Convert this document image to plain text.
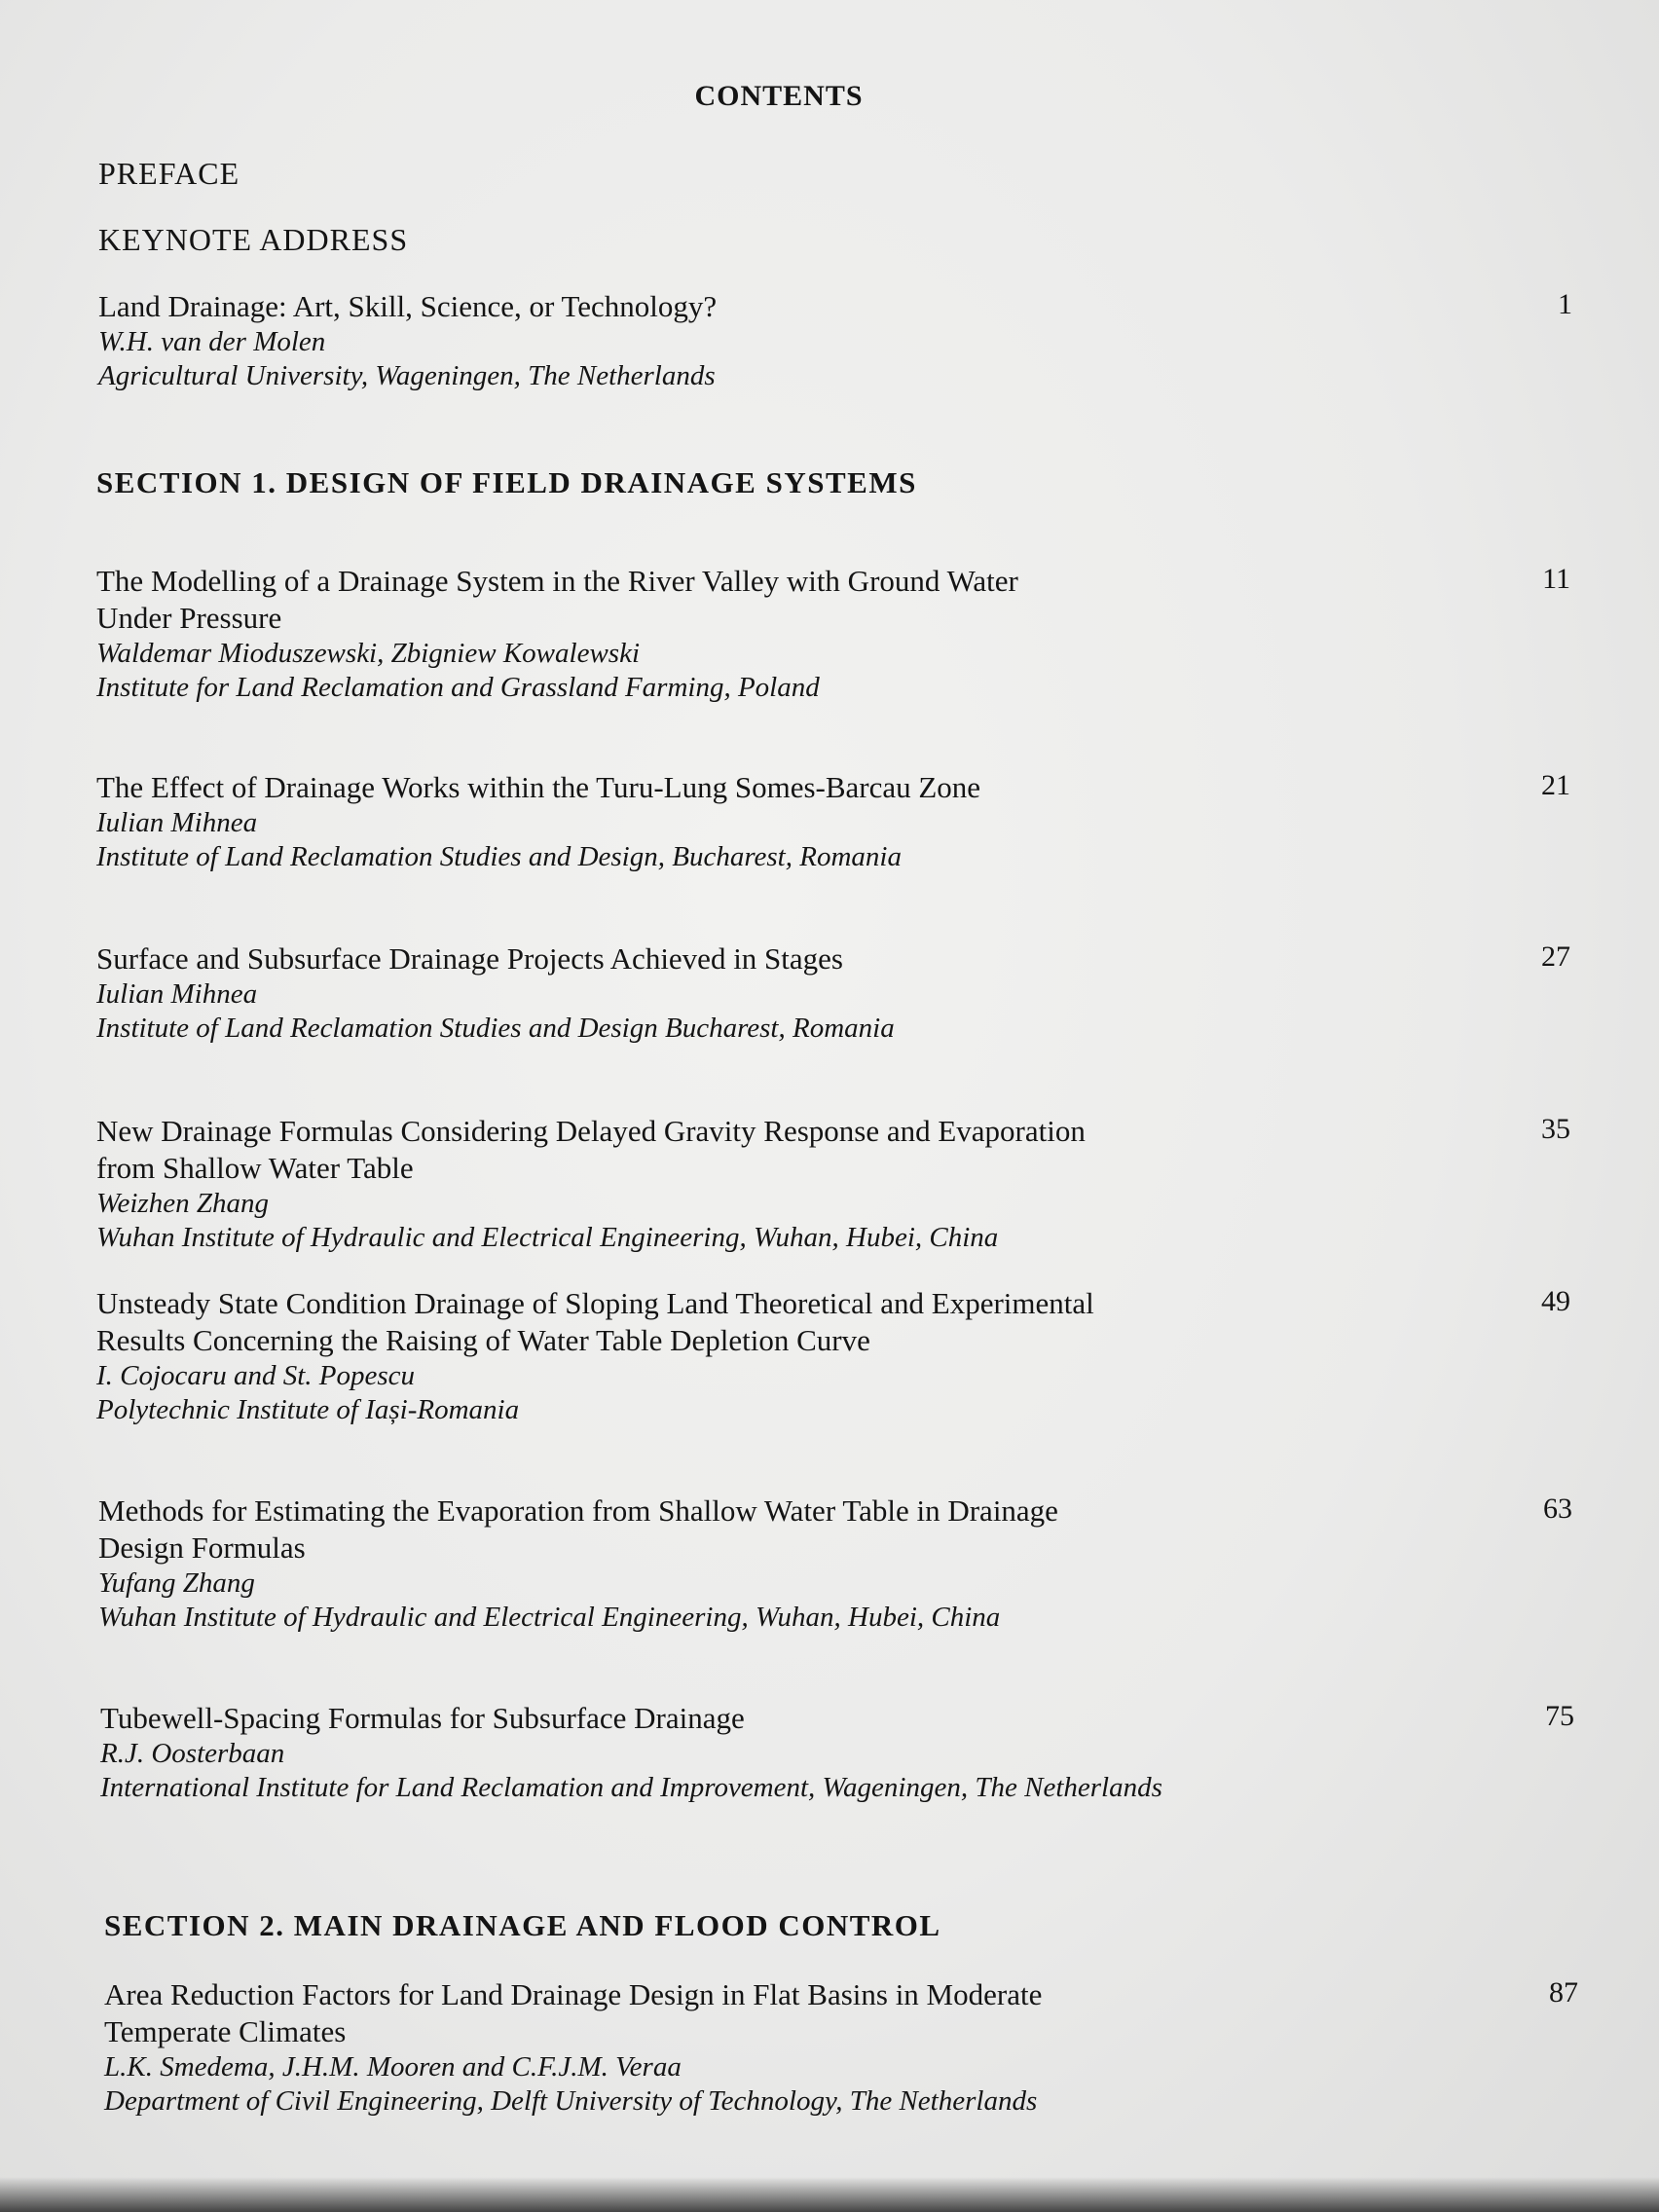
CONTENTS
PREFACE
KEYNOTE ADDRESS
Land Drainage: Art, Skill, Science, or Technology?
W.H. van der Molen
Agricultural University, Wageningen, The Netherlands
1
SECTION 1. DESIGN OF FIELD DRAINAGE SYSTEMS
The Modelling of a Drainage System in the River Valley with Ground Water
Under Pressure
Waldemar Mioduszewski, Zbigniew Kowalewski
Institute for Land Reclamation and Grassland Farming, Poland
11
The Effect of Drainage Works within the Turu-Lung Somes-Barcau Zone
Iulian Mihnea
Institute of Land Reclamation Studies and Design, Bucharest, Romania
21
Surface and Subsurface Drainage Projects Achieved in Stages
Iulian Mihnea
Institute of Land Reclamation Studies and Design Bucharest, Romania
27
New Drainage Formulas Considering Delayed Gravity Response and Evaporation
from Shallow Water Table
Weizhen Zhang
Wuhan Institute of Hydraulic and Electrical Engineering, Wuhan, Hubei, China
35
Unsteady State Condition Drainage of Sloping Land Theoretical and Experimental
Results Concerning the Raising of Water Table Depletion Curve
I. Cojocaru and St. Popescu
Polytechnic Institute of Iași-Romania
49
Methods for Estimating the Evaporation from Shallow Water Table in Drainage
Design Formulas
Yufang Zhang
Wuhan Institute of Hydraulic and Electrical Engineering, Wuhan, Hubei, China
63
Tubewell-Spacing Formulas for Subsurface Drainage
R.J. Oosterbaan
International Institute for Land Reclamation and Improvement, Wageningen, The Netherlands
75
SECTION 2. MAIN DRAINAGE AND FLOOD CONTROL
Area Reduction Factors for Land Drainage Design in Flat Basins in Moderate
Temperate Climates
L.K. Smedema, J.H.M. Mooren and C.F.J.M. Veraa
Department of Civil Engineering, Delft University of Technology, The Netherlands
87
